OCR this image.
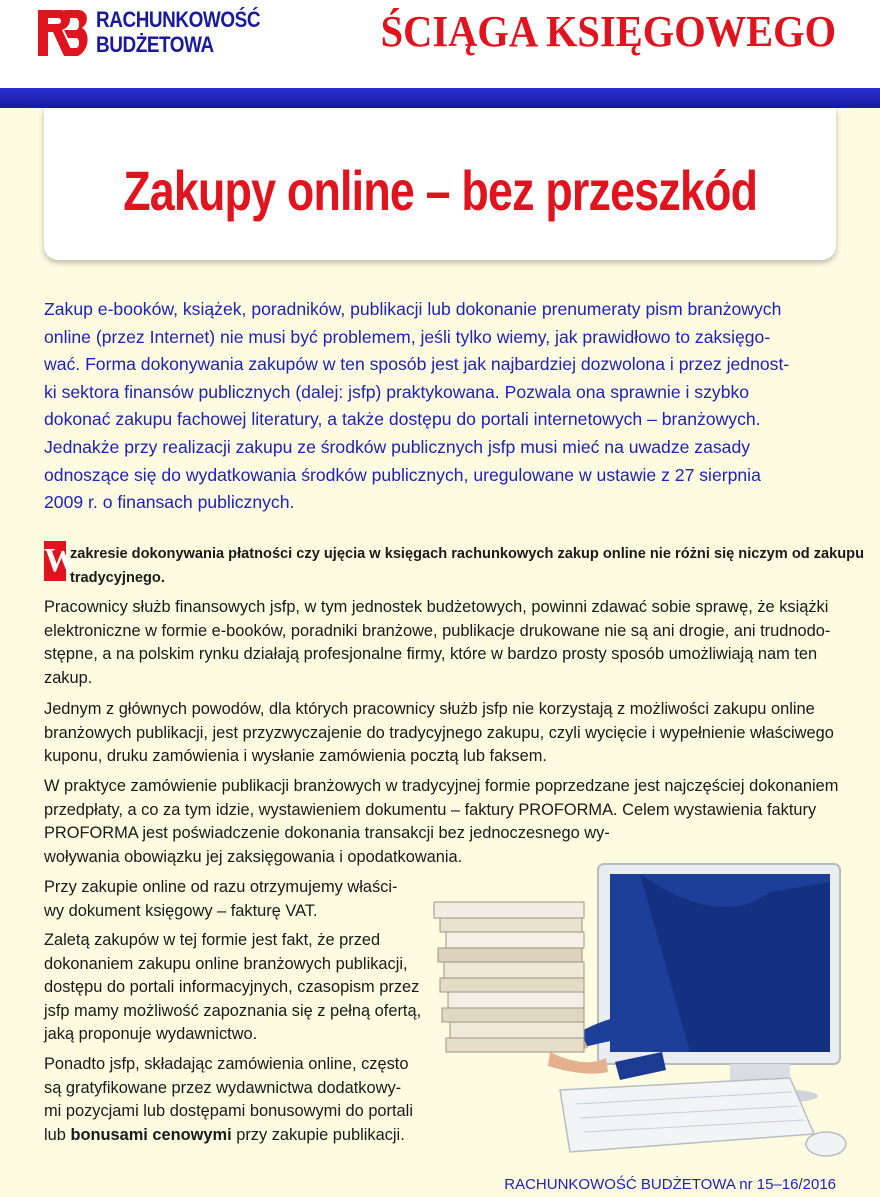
RACHUNKOWOŚĆ
BUDŻETOWA	ŚCIĄGA KSIĘGOWEGO
Zakupy online – bez przeszkód
Zakup e-booków, książek, poradników, publikacji lub dokonanie prenumeraty pism branżowych
online (przez Internet) nie musi być problemem, jeśli tylko wiemy, jak prawidłowo to zaksięgo-
wać. Forma dokonywania zakupów w ten sposób jest jak najbardziej dozwolona i przez jednost-
ki sektora finansów publicznych (dalej: jsfp) praktykowana. Pozwala ona sprawnie i szybko
dokonać zakupu fachowej literatury, a także dostępu do portali internetowych – branżowych.
Jednakże przy realizacji zakupu ze środków publicznych jsfp musi mieć na uwadze zasady
odnoszące się do wydatkowania środków publicznych, uregulowane w ustawie z 27 sierpnia
2009 r. o finansach publicznych.
W
zakresie dokonywania płatności czy ujęcia w księgach rachunkowych zakup online nie różni się niczym od zakupu
tradycyjnego.
Pracownicy służb finansowych jsfp, w tym jednostek budżetowych, powinni zdawać sobie sprawę, że książki
elektroniczne w formie e-booków, poradniki branżowe, publikacje drukowane nie są ani drogie, ani trudnodo-
stępne, a na polskim rynku działają profesjonalne firmy, które w bardzo prosty sposób umożliwiają nam ten
zakup.
Jednym z głównych powodów, dla których pracownicy służb jsfp nie korzystają z możliwości zakupu online
branżowych publikacji, jest przyzwyczajenie do tradycyjnego zakupu, czyli wycięcie i wypełnienie właściwego
kuponu, druku zamówienia i wysłanie zamówienia pocztą lub faksem.
W praktyce zamówienie publikacji branżowych w tradycyjnej formie poprzedzane jest najczęściej dokonaniem
przedpłaty, a co za tym idzie, wystawieniem dokumentu – faktury PROFORMA. Celem wystawienia faktury
PROFORMA jest poświadczenie dokonania transakcji bez jednoczesnego wy-
woływania obowiązku jej zaksięgowania i opodatkowania.
Przy zakupie online od razu otrzymujemy właści-
wy dokument księgowy – fakturę VAT.
Zaletą zakupów w tej formie jest fakt, że przed
dokonaniem zakupu online branżowych publikacji,
dostępu do portali informacyjnych, czasopism przez
jsfp mamy możliwość zapoznania się z pełną ofertą,
jaką proponuje wydawnictwo.
Ponadto jsfp, składając zamówienia online, często
są gratyfikowane przez wydawnictwa dodatkowy-
mi pozycjami lub dostępami bonusowymi do portali
lub bonusami cenowymi przy zakupie publikacji.
RACHUNKOWOŚĆ BUDŻETOWA nr 15–16/2016
